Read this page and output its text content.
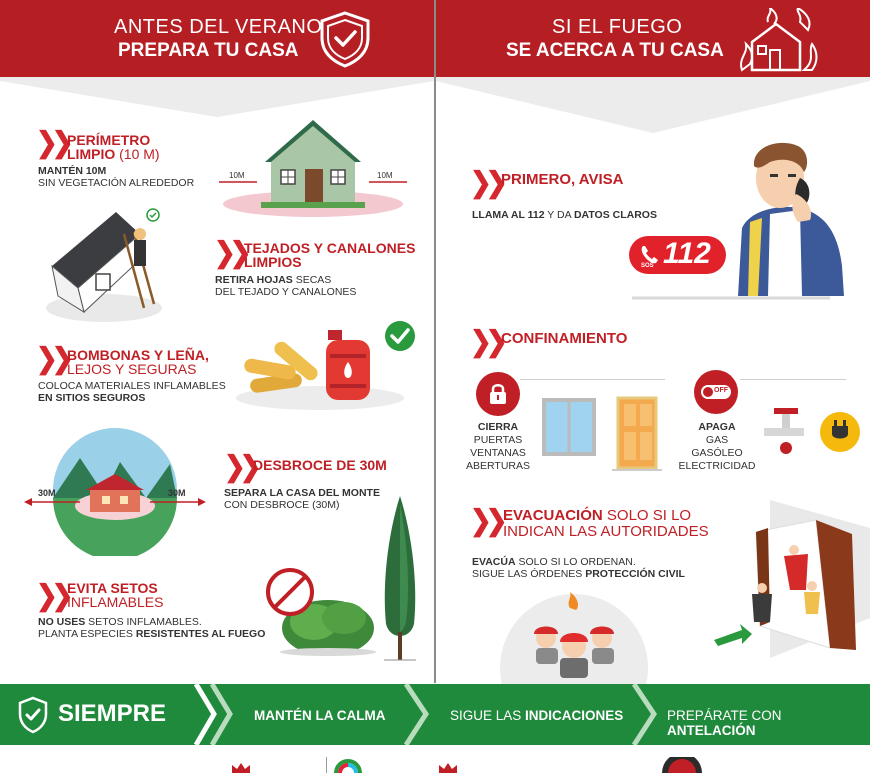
ANTES DEL VERANO
PREPARA TU CASA
SI EL FUEGO
SE ACERCA A TU CASA
❯❯ PERÍMETRO
LIMPIO (10 M)
MANTÉN 10M
SIN VEGETACIÓN ALREDEDOR
10M	10M
❯❯
TEJADOS Y CANALONES
LIMPIOS
RETIRA HOJAS SECAS
DEL TEJADO Y CANALONES
❯❯ BOMBONAS Y LEÑA,
LEJOS Y SEGURAS
COLOCA MATERIALES INFLAMABLES
EN SITIOS SEGUROS
30M	30M
❯❯
DESBROCE DE 30M
SEPARA LA CASA DEL MONTE
CON DESBROCE (30M)
❯❯ EVITA SETOS
INFLAMABLES
NO USES SETOS INFLAMABLES.
PLANTA ESPECIES RESISTENTES AL FUEGO
❯❯ PRIMERO, AVISA
LLAMA AL 112 Y DA DATOS CLAROS
SOS 112
❯❯ CONFINAMIENTO
CIERRA
PUERTAS
VENTANAS
ABERTURAS
OFF
APAGA
GAS
GASÓLEO
ELECTRICIDAD
❯❯ EVACUACIÓN SOLO SI LO
INDICAN LAS AUTORIDADES
EVACÚA SOLO SI LO ORDENAN.
SIGUE LAS ÓRDENES PROTECCIÓN CIVIL
SIEMPRE	MANTÉN LA CALMA	SIGUE LAS INDICACIONES	PREPÁRATE CON ANTELACIÓN
